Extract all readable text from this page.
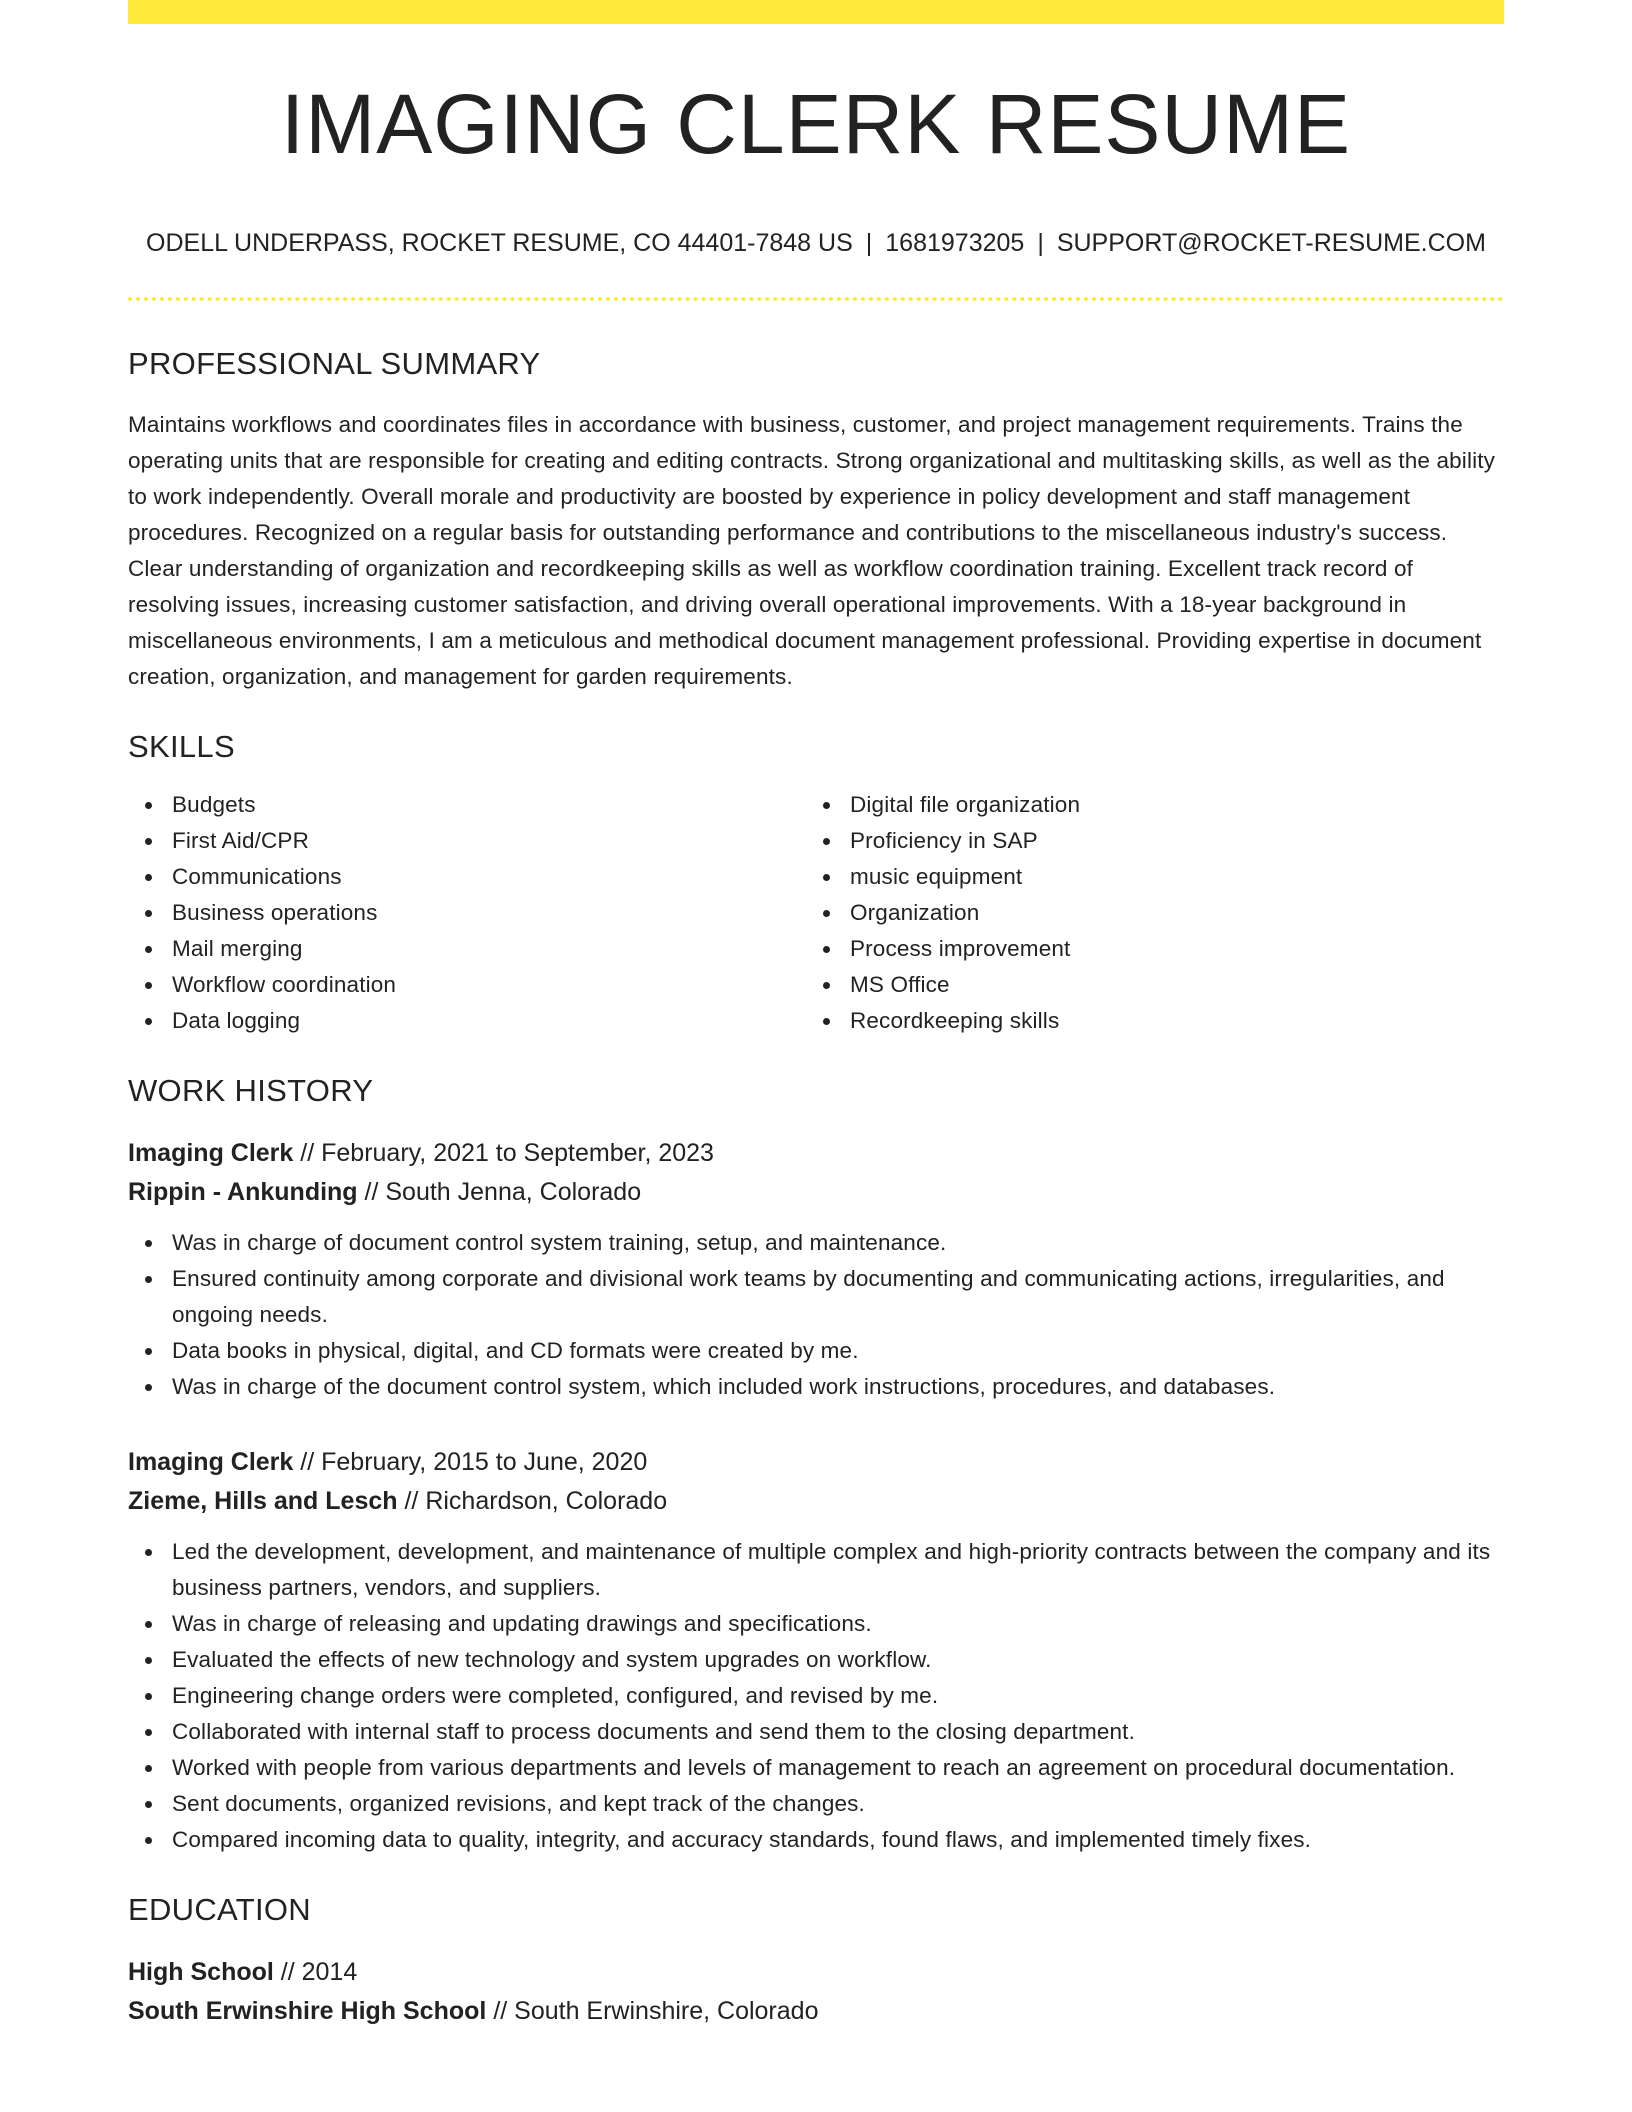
IMAGING CLERK RESUME
ODELL UNDERPASS, ROCKET RESUME, CO 44401-7848 US | 1681973205 | SUPPORT@ROCKET-RESUME.COM
PROFESSIONAL SUMMARY
Maintains workflows and coordinates files in accordance with business, customer, and project management requirements. Trains the operating units that are responsible for creating and editing contracts. Strong organizational and multitasking skills, as well as the ability to work independently. Overall morale and productivity are boosted by experience in policy development and staff management procedures. Recognized on a regular basis for outstanding performance and contributions to the miscellaneous industry's success. Clear understanding of organization and recordkeeping skills as well as workflow coordination training. Excellent track record of resolving issues, increasing customer satisfaction, and driving overall operational improvements. With a 18-year background in miscellaneous environments, I am a meticulous and methodical document management professional. Providing expertise in document creation, organization, and management for garden requirements.
SKILLS
Budgets
First Aid/CPR
Communications
Business operations
Mail merging
Workflow coordination
Data logging
Digital file organization
Proficiency in SAP
music equipment
Organization
Process improvement
MS Office
Recordkeeping skills
WORK HISTORY
Imaging Clerk // February, 2021 to September, 2023
Rippin - Ankunding // South Jenna, Colorado
Was in charge of document control system training, setup, and maintenance.
Ensured continuity among corporate and divisional work teams by documenting and communicating actions, irregularities, and ongoing needs.
Data books in physical, digital, and CD formats were created by me.
Was in charge of the document control system, which included work instructions, procedures, and databases.
Imaging Clerk // February, 2015 to June, 2020
Zieme, Hills and Lesch // Richardson, Colorado
Led the development, development, and maintenance of multiple complex and high-priority contracts between the company and its business partners, vendors, and suppliers.
Was in charge of releasing and updating drawings and specifications.
Evaluated the effects of new technology and system upgrades on workflow.
Engineering change orders were completed, configured, and revised by me.
Collaborated with internal staff to process documents and send them to the closing department.
Worked with people from various departments and levels of management to reach an agreement on procedural documentation.
Sent documents, organized revisions, and kept track of the changes.
Compared incoming data to quality, integrity, and accuracy standards, found flaws, and implemented timely fixes.
EDUCATION
High School // 2014
South Erwinshire High School // South Erwinshire, Colorado
